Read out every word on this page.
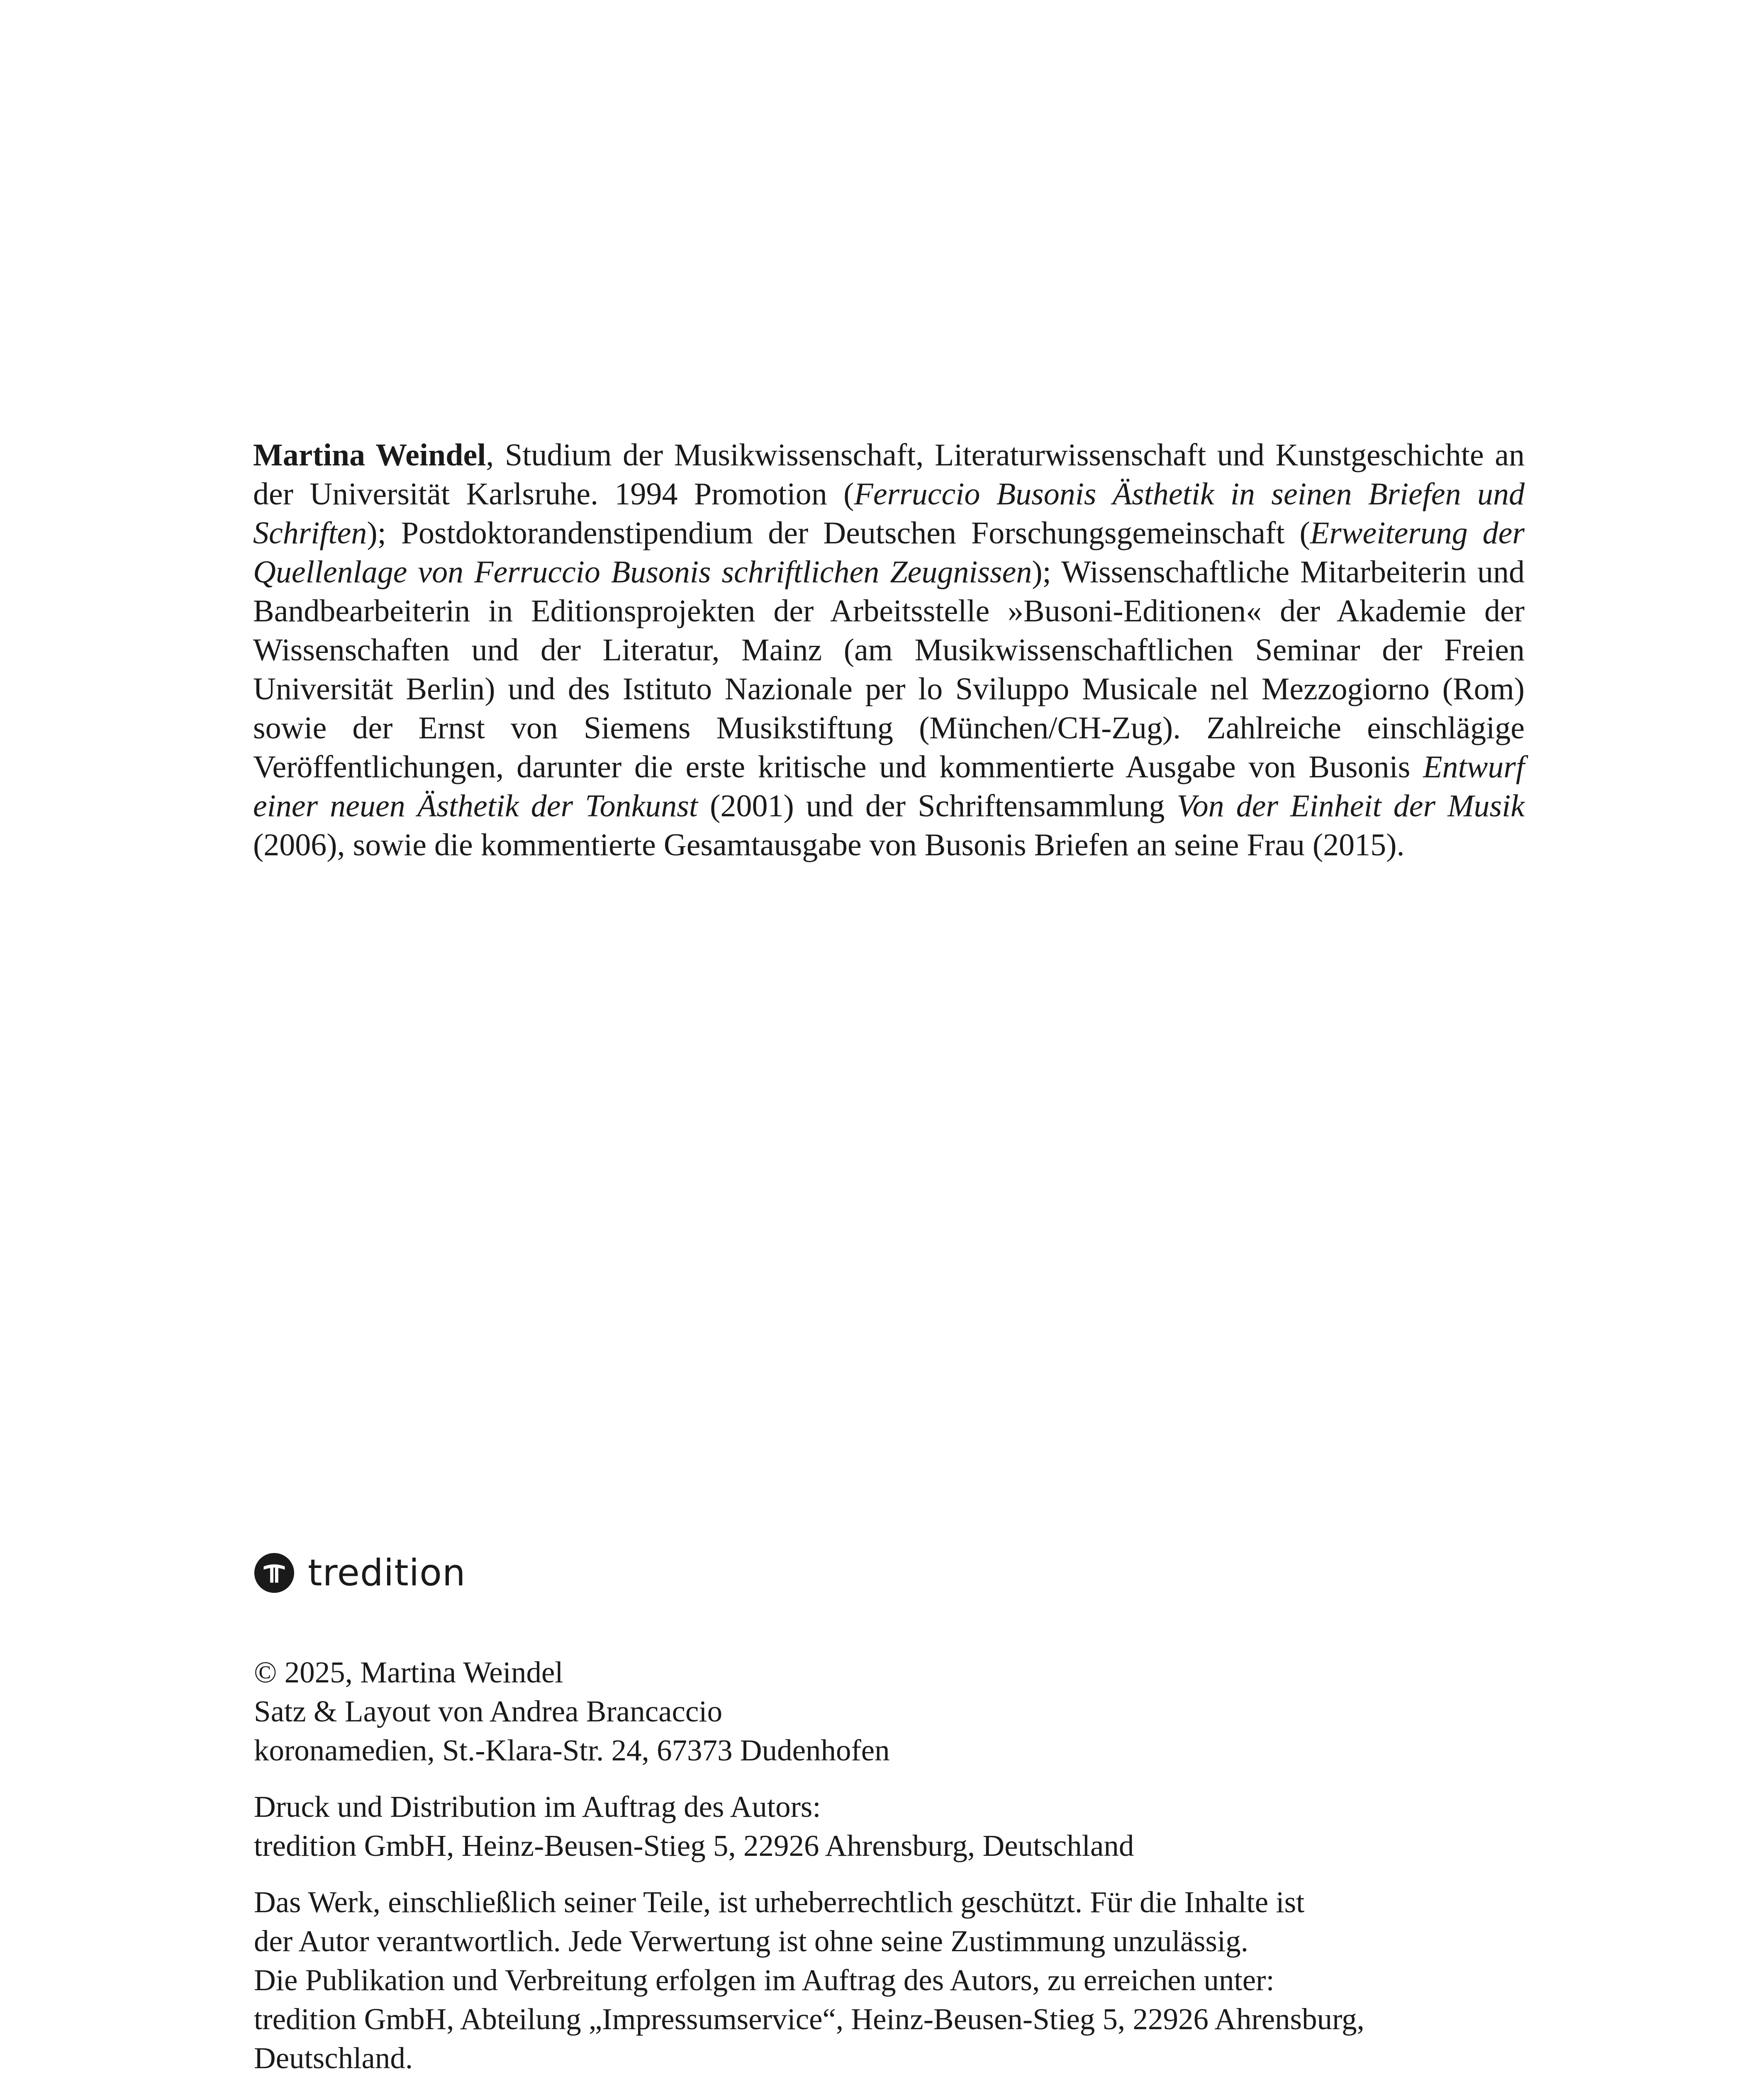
Martina Weindel, Studium der Musikwissenschaft, Literaturwissenschaft und Kunstgeschichte an der Universität Karlsruhe. 1994 Promotion (Ferruccio Busonis Ästhetik in seinen Briefen und Schriften); Postdoktorandenstipendium der Deutschen Forschungsgemeinschaft (Erweiterung der Quellenlage von Ferruccio Busonis schriftlichen Zeugnissen); Wissenschaftliche Mitarbeiterin und Bandbearbeiterin in Editionsprojekten der Arbeitsstelle »Busoni-Editionen« der Akademie der Wissenschaften und der Literatur, Mainz (am Musikwissenschaftlichen Seminar der Freien Universität Berlin) und des Istituto Nazionale per lo Sviluppo Musicale nel Mezzogiorno (Rom) sowie der Ernst von Siemens Musikstiftung (München/CH-Zug). Zahlreiche einschlägige Veröffentlichungen, darunter die erste kritische und kommentierte Ausgabe von Busonis Entwurf einer neuen Ästhetik der Tonkunst (2001) und der Schriftensammlung Von der Einheit der Musik (2006), sowie die kommentierte Gesamtausgabe von Busonis Briefen an seine Frau (2015).

tredition
© 2025, Martina Weindel
Satz & Layout von Andrea Brancaccio
koronamedien, St.-Klara-Str. 24, 67373 Dudenhofen
Druck und Distribution im Auftrag des Autors:
tredition GmbH, Heinz-Beusen-Stieg 5, 22926 Ahrensburg, Deutschland
Das Werk, einschließlich seiner Teile, ist urheberrechtlich geschützt. Für die Inhalte ist
der Autor verantwortlich. Jede Verwertung ist ohne seine Zustimmung unzulässig.
Die Publikation und Verbreitung erfolgen im Auftrag des Autors, zu erreichen unter:
tredition GmbH, Abteilung „Impressumservice“, Heinz-Beusen-Stieg 5, 22926 Ahrensburg,
Deutschland.
